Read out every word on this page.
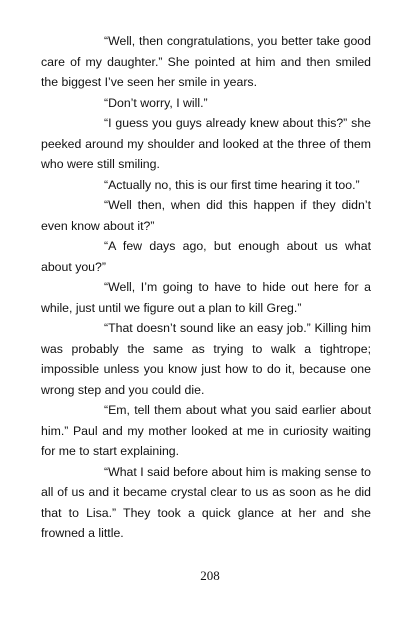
“Well, then congratulations, you better take good care of my daughter.” She pointed at him and then smiled the biggest I’ve seen her smile in years.

“Don’t worry, I will.”

“I guess you guys already knew about this?” she peeked around my shoulder and looked at the three of them who were still smiling.

“Actually no, this is our first time hearing it too.”

“Well then, when did this happen if they didn’t even know about it?”

“A few days ago, but enough about us what about you?”

“Well, I’m going to have to hide out here for a while, just until we figure out a plan to kill Greg.”

“That doesn’t sound like an easy job.” Killing him was probably the same as trying to walk a tightrope; impossible unless you know just how to do it, because one wrong step and you could die.

“Em, tell them about what you said earlier about him.” Paul and my mother looked at me in curiosity waiting for me to start explaining.

“What I said before about him is making sense to all of us and it became crystal clear to us as soon as he did that to Lisa.” They took a quick glance at her and she frowned a little.

208
